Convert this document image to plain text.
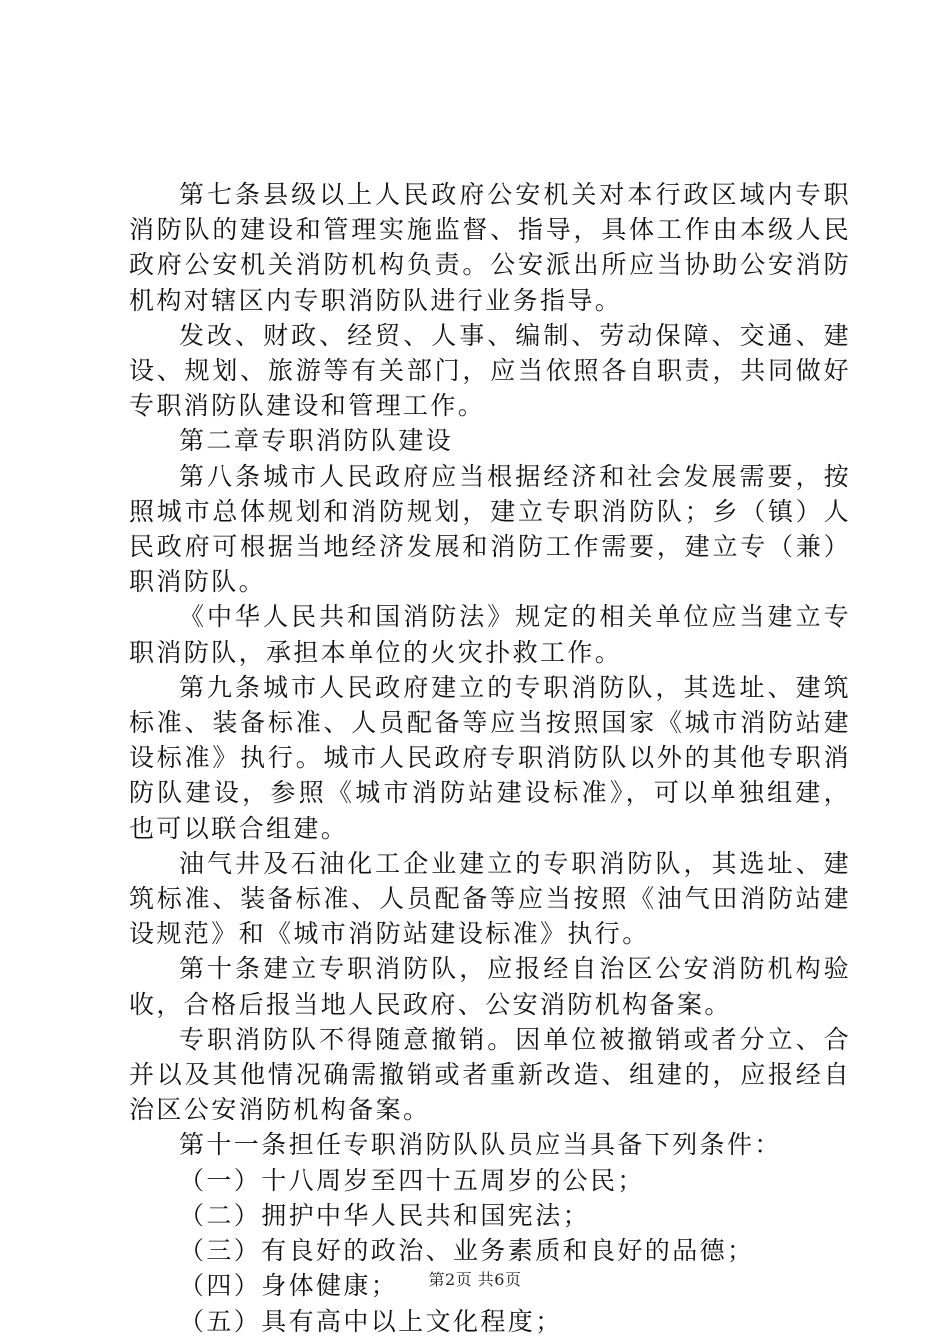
第七条县级以上人民政府公安机关对本行政区域内专职消防队的建设和管理实施监督、指导，具体工作由本级人民政府公安机关消防机构负责。公安派出所应当协助公安消防机构对辖区内专职消防队进行业务指导。

发改、财政、经贸、人事、编制、劳动保障、交通、建设、规划、旅游等有关部门，应当依照各自职责，共同做好专职消防队建设和管理工作。

第二章专职消防队建设

第八条城市人民政府应当根据经济和社会发展需要，按照城市总体规划和消防规划，建立专职消防队；乡（镇）人民政府可根据当地经济发展和消防工作需要，建立专（兼）职消防队。

《中华人民共和国消防法》规定的相关单位应当建立专职消防队，承担本单位的火灾扑救工作。

第九条城市人民政府建立的专职消防队，其选址、建筑标准、装备标准、人员配备等应当按照国家《城市消防站建设标准》执行。城市人民政府专职消防队以外的其他专职消防队建设，参照《城市消防站建设标准》，可以单独组建，也可以联合组建。

油气井及石油化工企业建立的专职消防队，其选址、建筑标准、装备标准、人员配备等应当按照《油气田消防站建设规范》和《城市消防站建设标准》执行。

第十条建立专职消防队，应报经自治区公安消防机构验收，合格后报当地人民政府、公安消防机构备案。

专职消防队不得随意撤销。因单位被撤销或者分立、合并以及其他情况确需撤销或者重新改造、组建的，应报经自治区公安消防机构备案。

第十一条担任专职消防队队员应当具备下列条件：

（一）十八周岁至四十五周岁的公民；

（二）拥护中华人民共和国宪法；

（三）有良好的政治、业务素质和良好的品德；

（四）身体健康；

（五）具有高中以上文化程度；

第2页 共6页
